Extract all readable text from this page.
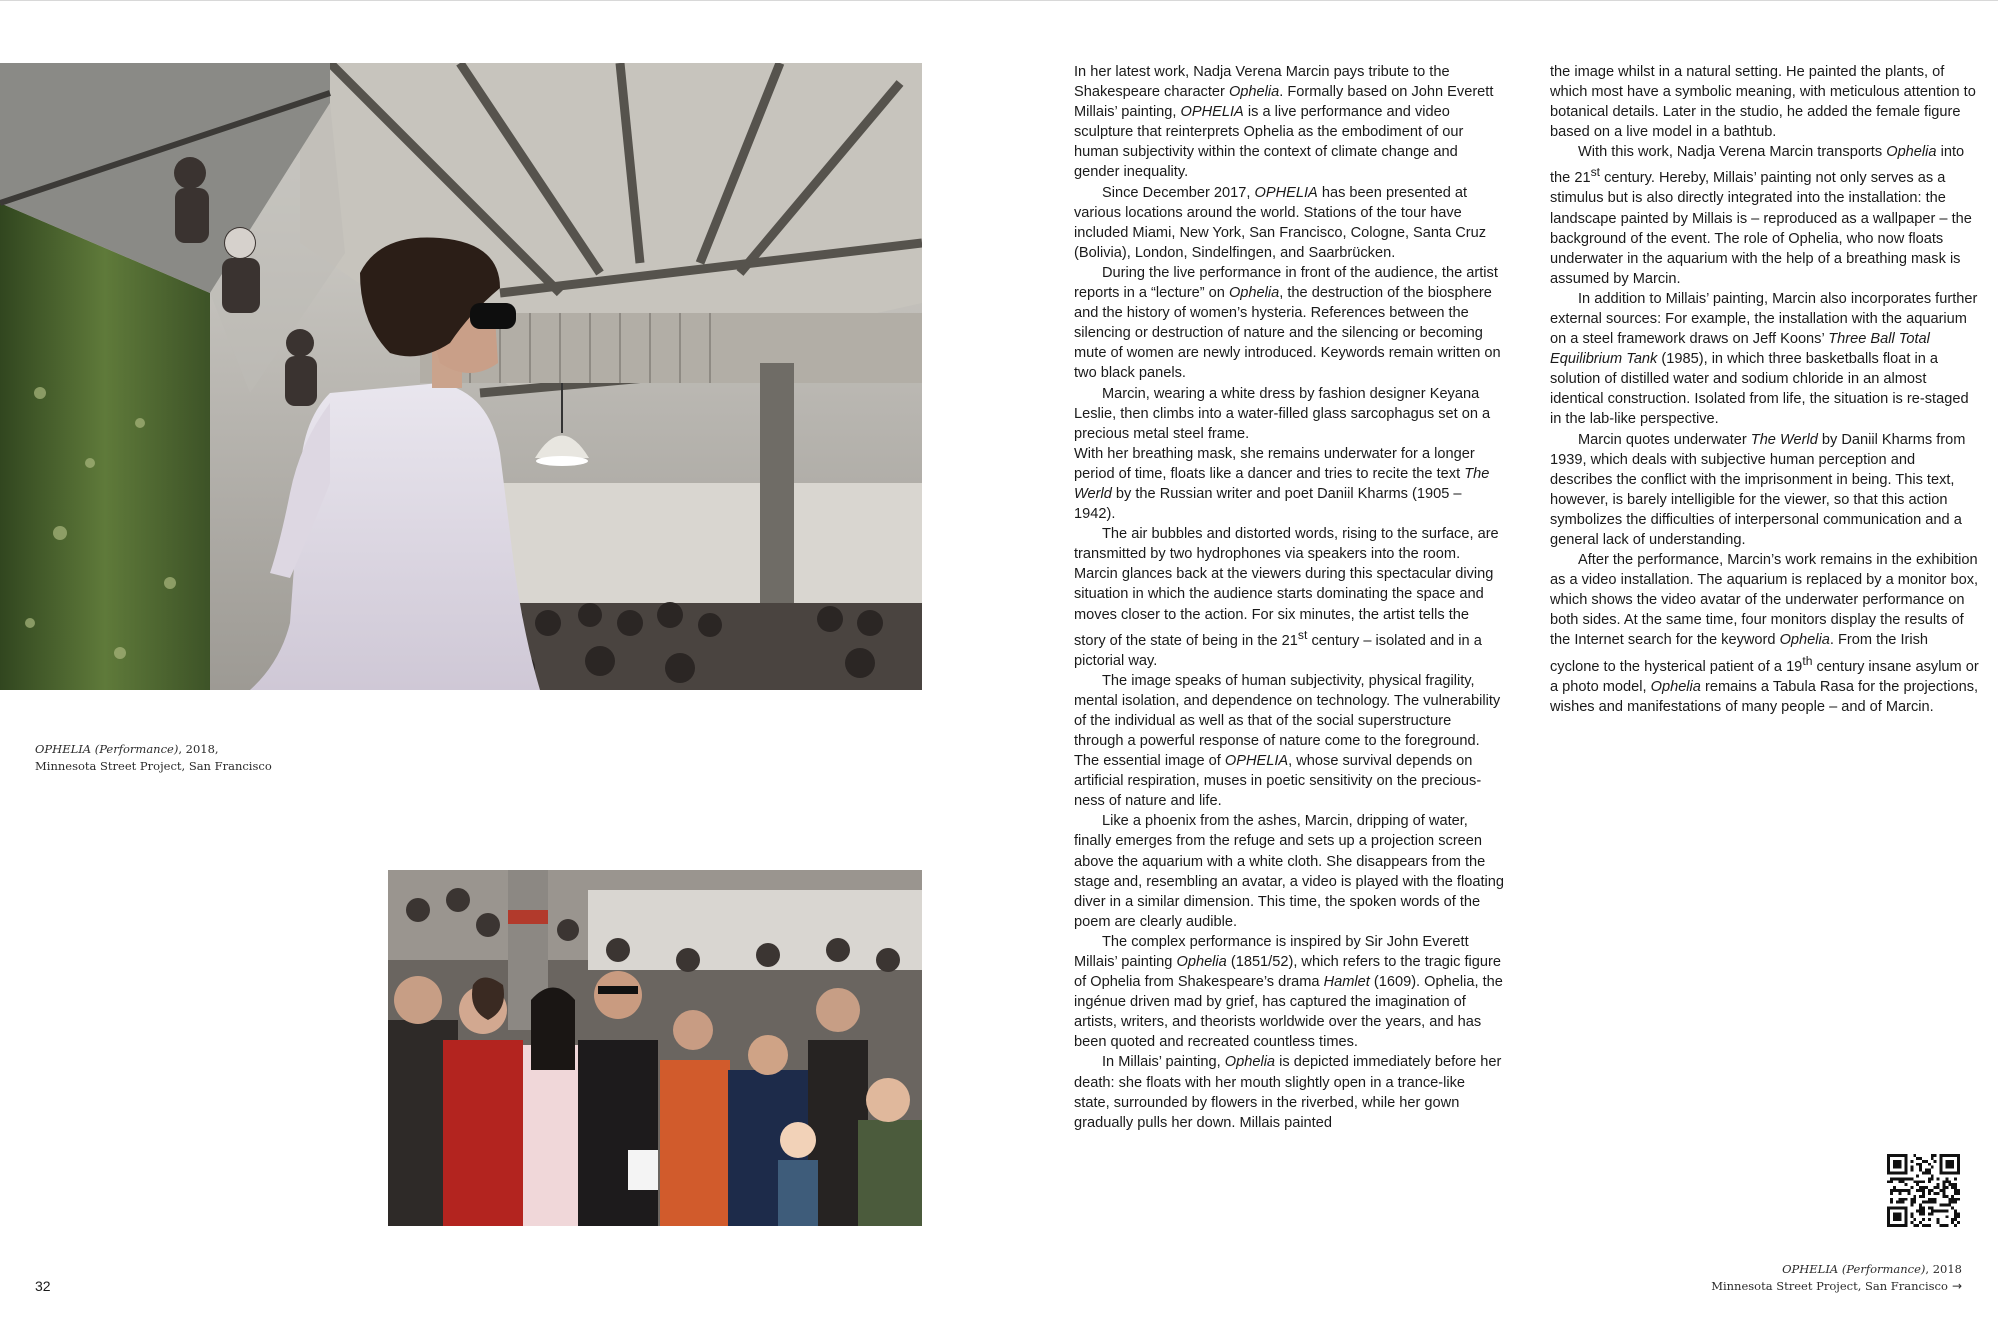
OPHELIA (Performance), 2018,
Minnesota Street Project, San Francisco

In her latest work, Nadja Verena Marcin pays tribute to the Shakespeare character Ophelia. Formally based on John Everett Millais’ painting, OPHELIA is a live performance and video sculpture that reinterprets Ophelia as the embodiment of our human subjectivity within the context of climate change and gender inequality.

Since December 2017, OPHELIA has been presented at various locations around the world. Stations of the tour have included Miami, New York, San Francisco, Cologne, Santa Cruz (Bolivia), London, Sindelfingen, and Saarbrücken.

During the live performance in front of the audience, the artist reports in a “lecture” on Ophelia, the destruction of the biosphere and the history of women’s hysteria. References between the silencing or destruction of nature and the silencing or becoming mute of women are newly introduced. Keywords remain written on two black panels.

Marcin, wearing a white dress by fashion designer Keyana Leslie, then climbs into a water-filled glass sarcophagus set on a precious metal steel frame.
With her breathing mask, she remains underwater for a longer period of time, floats like a dancer and tries to recite the text The Werld by the Russian writer and poet Daniil Kharms (1905 – 1942).

The air bubbles and distorted words, rising to the surface, are transmitted by two hydrophones via speakers into the room. Marcin glances back at the viewers during this spectacular diving situation in which the audience starts dominating the space and moves closer to the action. For six minutes, the artist tells the story of the state of being in the 21st century – isolated and in a pictorial way.

The image speaks of human subjectivity, physical fragility, mental isolation, and dependence on technology. The vulnerability of the individual as well as that of the social superstructure through a powerful response of nature come to the foreground. The essential image of OPHELIA, whose survival depends on artificial respiration, muses in poetic sensitivity on the preciousness of nature and life.

Like a phoenix from the ashes, Marcin, dripping of water, finally emerges from the refuge and sets up a projection screen above the aquarium with a white cloth. She disappears from the stage and, resembling an avatar, a video is played with the floating diver in a similar dimension. This time, the spoken words of the poem are clearly audible.

The complex performance is inspired by Sir John Everett Millais’ painting Ophelia (1851/52), which refers to the tragic figure of Ophelia from Shakespeare’s drama Hamlet (1609). Ophelia, the ingénue driven mad by grief, has captured the imagination of artists, writers, and theorists worldwide over the years, and has been quoted and recreated countless times.

In Millais’ painting, Ophelia is depicted immediately before her death: she floats with her mouth slightly open in a trance-like state, surrounded by flowers in the riverbed, while her gown gradually pulls her down. Millais painted

the image whilst in a natural setting. He painted the plants, of which most have a symbolic meaning, with meticulous attention to botanical details. Later in the studio, he added the female figure based on a live model in a bathtub.

With this work, Nadja Verena Marcin transports Ophelia into the 21st century. Hereby, Millais’ painting not only serves as a stimulus but is also directly integrated into the installation: the landscape painted by Millais is – reproduced as a wallpaper – the background of the event. The role of Ophelia, who now floats underwater in the aquarium with the help of a breathing mask is assumed by Marcin.

In addition to Millais’ painting, Marcin also incorporates further external sources: For example, the installation with the aquarium on a steel framework draws on Jeff Koons’ Three Ball Total Equilibrium Tank (1985), in which three basketballs float in a solution of distilled water and sodium chloride in an almost identical construction. Isolated from life, the situation is re-staged in the lab-like perspective.

Marcin quotes underwater The Werld by Daniil Kharms from 1939, which deals with subjective human perception and describes the conflict with the imprisonment in being. This text, however, is barely intelligible for the viewer, so that this action symbolizes the difficulties of interpersonal communication and a general lack of understanding.

After the performance, Marcin’s work remains in the exhibition as a video installation. The aquarium is replaced by a monitor box, which shows the video avatar of the underwater performance on both sides. At the same time, four monitors display the results of the Internet search for the keyword Ophelia. From the Irish cyclone to the hysterical patient of a 19th century insane asylum or a photo model, Ophelia remains a Tabula Rasa for the projections, wishes and manifestations of many people – and of Marcin.

32
OPHELIA (Performance), 2018
Minnesota Street Project, San Francisco →
